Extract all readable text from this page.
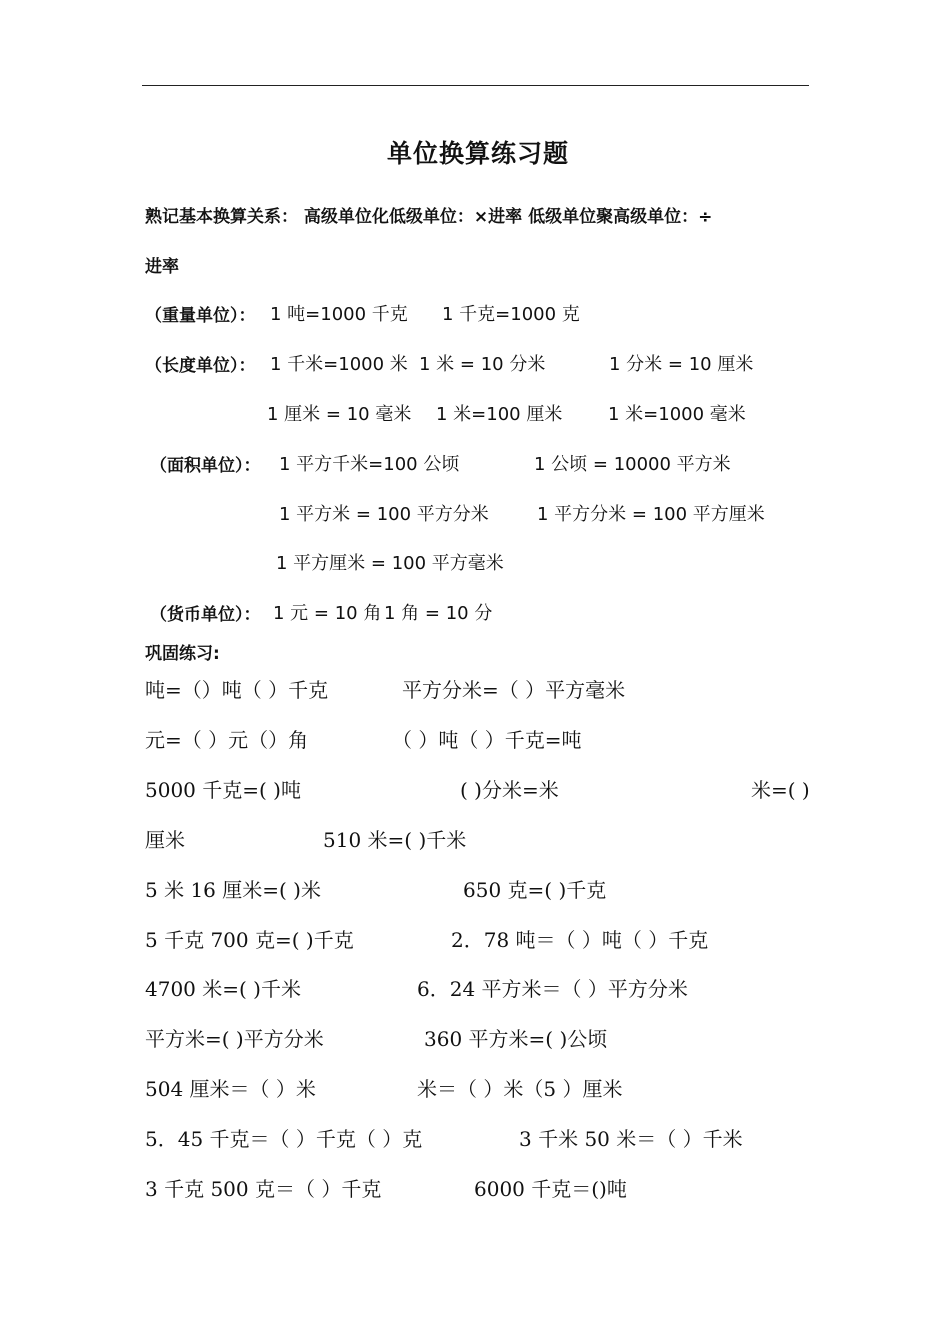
单位换算练习题
熟记基本换算关系： 高级单位化低级单位：×进率 低级单位聚高级单位：÷
进率
（重量单位）： 1 吨=1000 千克 1 千克=1000 克
（长度单位）： 1 千米=1000 米 1 米 = 10 分米	1 分米 = 10 厘米
1 厘米 = 10 毫米 1 米=100 厘米	1 米=1000 毫米
（面积单位）： 1 平方千米=100 公顷	1 公顷 = 10000 平方米
1 平方米 = 100 平方分米	1 平方分米 = 100 平方厘米
1 平方厘米 = 100 平方毫米
（货币单位）： 1 元 = 10 角 1 角 = 10 分
巩固练习:
吨=（）吨（ ）千克	平方分米=（ ）平方毫米
元=（ ）元（）角	（ ）吨（ ）千克=吨
5000 千克=( )吨	( )分米=米	米=( )
厘米	510 米=( )千米
5 米 16 厘米=( )米	650 克=( )千克
5 千克 700 克=( )千克	2．78 吨＝（ ）吨（ ）千克
4700 米=( )千米	6．24 平方米＝（ ）平方分米
平方米=( )平方分米	360 平方米=( )公顷
504 厘米＝（ ）米	米＝（ ）米（5 ）厘米
5．45 千克＝（ ）千克（ ）克	3 千米 50 米＝（ ）千米
3 千克 500 克＝（ ）千克	6000 千克＝()吨
